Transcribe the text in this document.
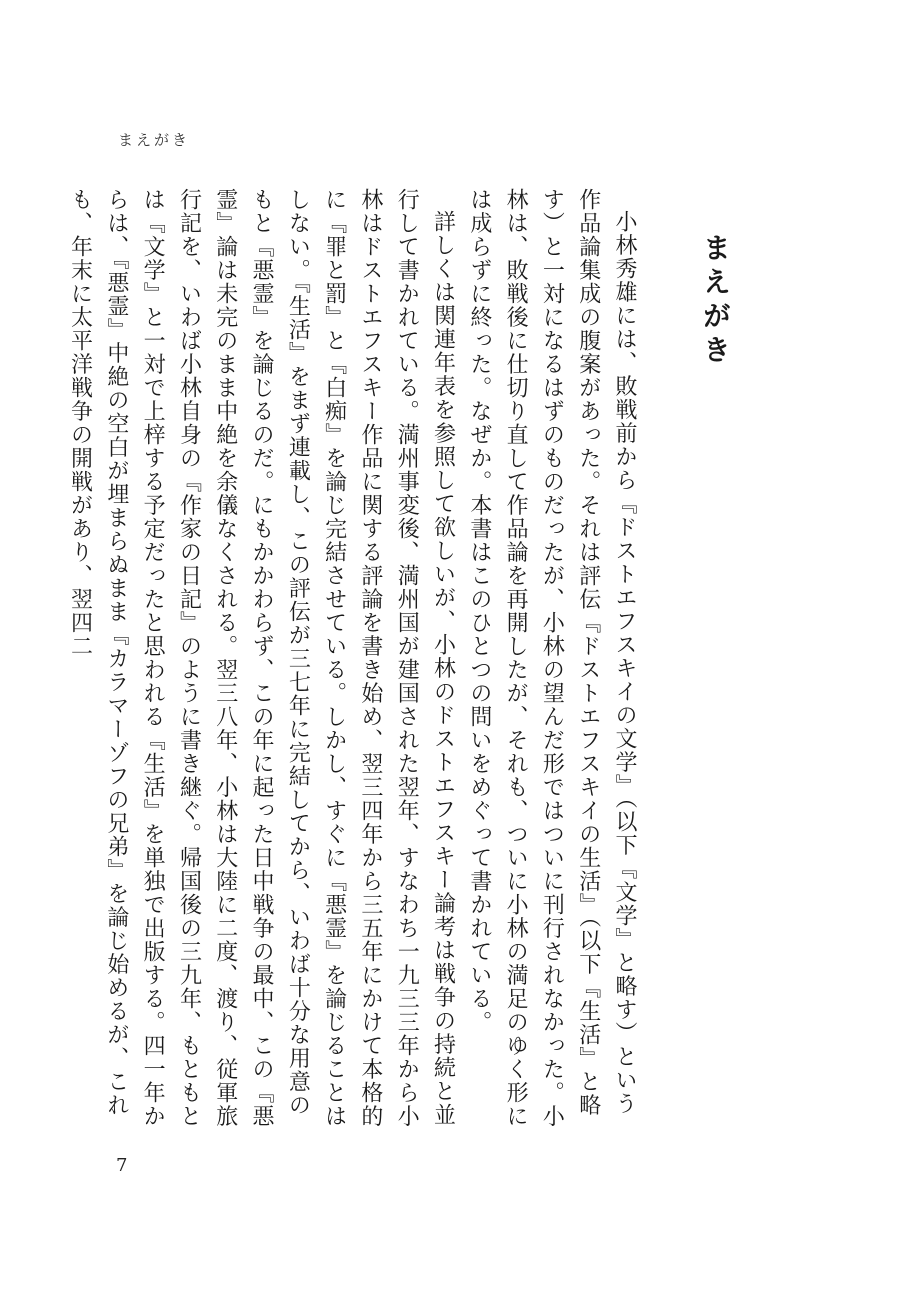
まえがき
まえがき

小林秀雄には、敗戦前から『ドストエフスキイの文学』（以下『文学』と略す）という作品論集成の腹案があった。それは評伝『ドストエフスキイの生活』（以下『生活』と略す）と一対になるはずのものだったが、小林の望んだ形ではついに刊行されなかった。小林は、敗戦後に仕切り直して作品論を再開したが、それも、ついに小林の満足のゆく形には成らずに終った。なぜか。本書はこのひとつの問いをめぐって書かれている。

詳しくは関連年表を参照して欲しいが、小林のドストエフスキー論考は戦争の持続と並行して書かれている。満州事変後、満州国が建国された翌年、すなわち一九三三年から小林はドストエフスキー作品に関する評論を書き始め、翌三四年から三五年にかけて本格的に『罪と罰』と『白痴』を論じ完結させている。しかし、すぐに『悪霊』を論じることはしない。『生活』をまず連載し、この評伝が三七年に完結してから、いわば十分な用意のもと『悪霊』を論じるのだ。にもかかわらず、この年に起った日中戦争の最中、この『悪霊』論は未完のまま中絶を余儀なくされる。翌三八年、小林は大陸に二度、渡り、従軍旅行記を、いわば小林自身の『作家の日記』のように書き継ぐ。帰国後の三九年、もともとは『文学』と一対で上梓する予定だったと思われる『生活』を単独で出版する。四一年からは、『悪霊』中絶の空白が埋まらぬまま『カラマーゾフの兄弟』を論じ始めるが、これも、年末に太平洋戦争の開戦があり、翌四二

7
